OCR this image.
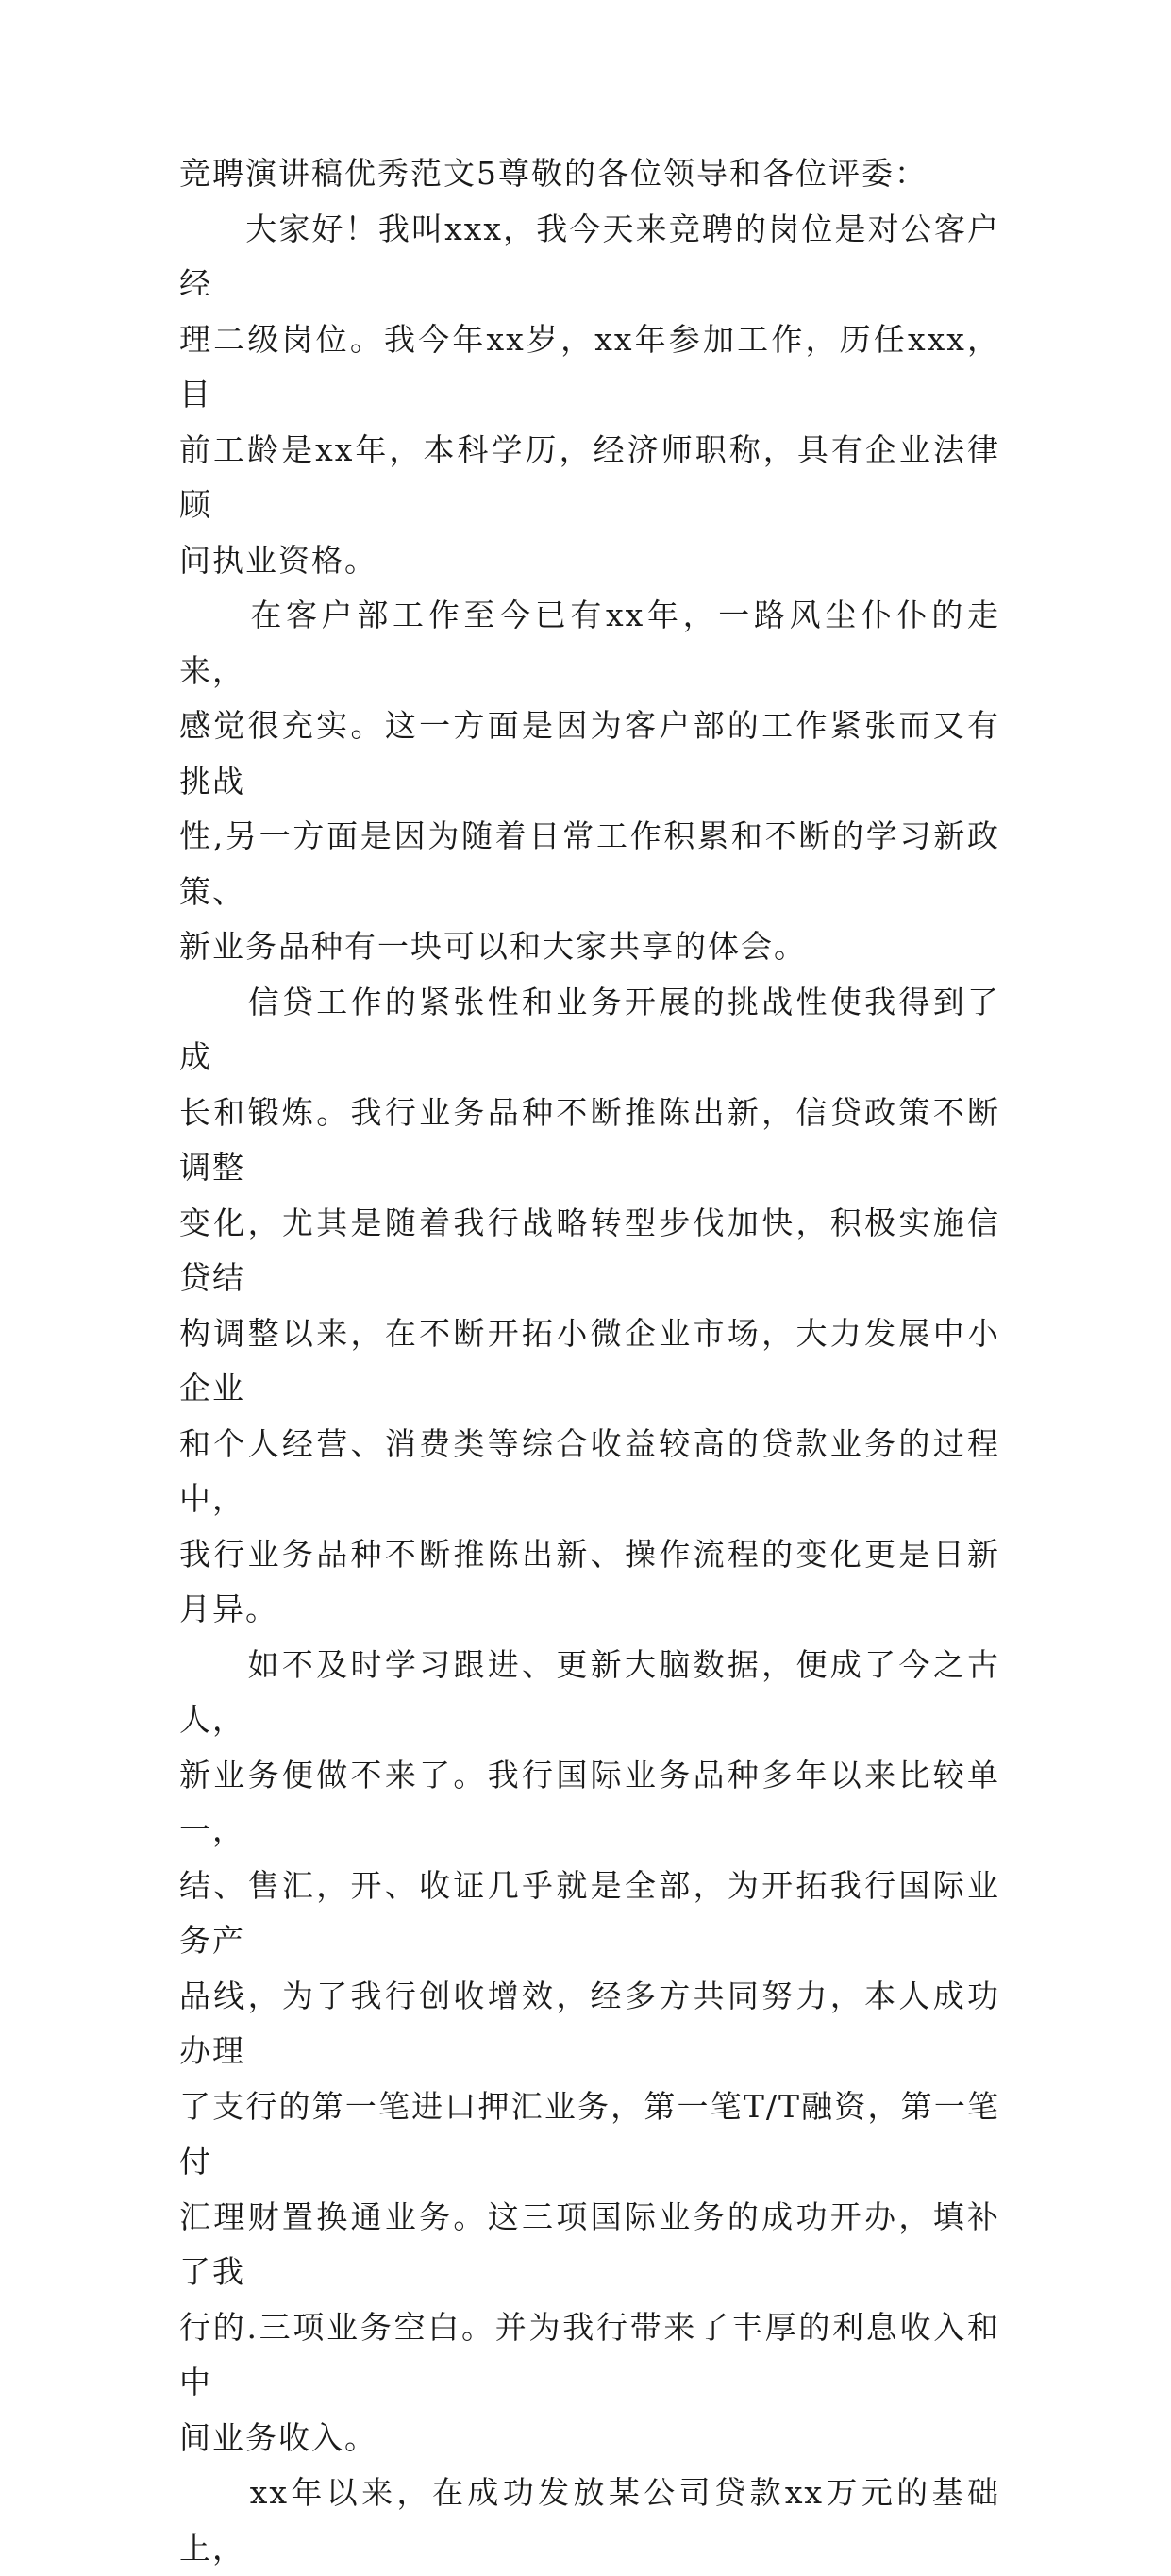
竞聘演讲稿优秀范文5尊敬的各位领导和各位评委：

　　大家好！我叫xxx，我今天来竞聘的岗位是对公客户经
理二级岗位。我今年xx岁，xx年参加工作，历任xxx，目
前工龄是xx年，本科学历，经济师职称，具有企业法律顾
问执业资格。

　　在客户部工作至今已有xx年，一路风尘仆仆的走来，
感觉很充实。这一方面是因为客户部的工作紧张而又有挑战
性,另一方面是因为随着日常工作积累和不断的学习新政策、
新业务品种有一块可以和大家共享的体会。

　　信贷工作的紧张性和业务开展的挑战性使我得到了成
长和锻炼。我行业务品种不断推陈出新，信贷政策不断调整
变化，尤其是随着我行战略转型步伐加快，积极实施信贷结
构调整以来，在不断开拓小微企业市场，大力发展中小企业
和个人经营、消费类等综合收益较高的贷款业务的过程中，
我行业务品种不断推陈出新、操作流程的变化更是日新月异。

　　如不及时学习跟进、更新大脑数据，便成了今之古人，
新业务便做不来了。我行国际业务品种多年以来比较单一，
结、售汇，开、收证几乎就是全部，为开拓我行国际业务产
品线，为了我行创收增效，经多方共同努力，本人成功办理
了支行的第一笔进口押汇业务，第一笔T/T融资，第一笔付
汇理财置换通业务。这三项国际业务的成功开办，填补了我
行的.三项业务空白。并为我行带来了丰厚的利息收入和中
间业务收入。

　　xx年以来，在成功发放某公司贷款xx万元的基础上，
